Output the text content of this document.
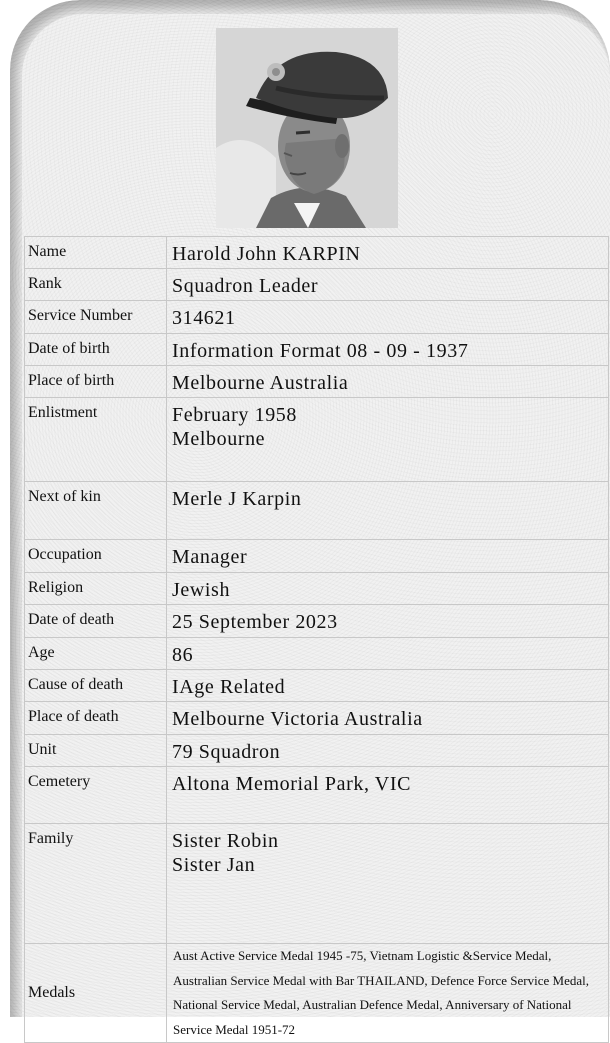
Name	Harold John KARPIN

Rank	Squadron Leader

Service Number	314621

Date of birth	Information Format 08 - 09 - 1937

Place of birth	Melbourne Australia

Enlistment	February 1958
Melbourne

Next of kin	Merle J Karpin

Occupation	Manager

Religion	Jewish

Date of death	25 September 2023

Age	86

Cause of death	IAge Related

Place of death	Melbourne Victoria Australia

Unit	79 Squadron

Cemetery	Altona Memorial Park, VIC

Family	Sister Robin
Sister Jan

Medals	Aust Active Service Medal 1945 -75, Vietnam Logistic &Service Medal, Australian Service Medal with Bar THAILAND, Defence Force Service Medal, National Service Medal, Australian Defence Medal, Anniversary of National Service Medal 1951-72
